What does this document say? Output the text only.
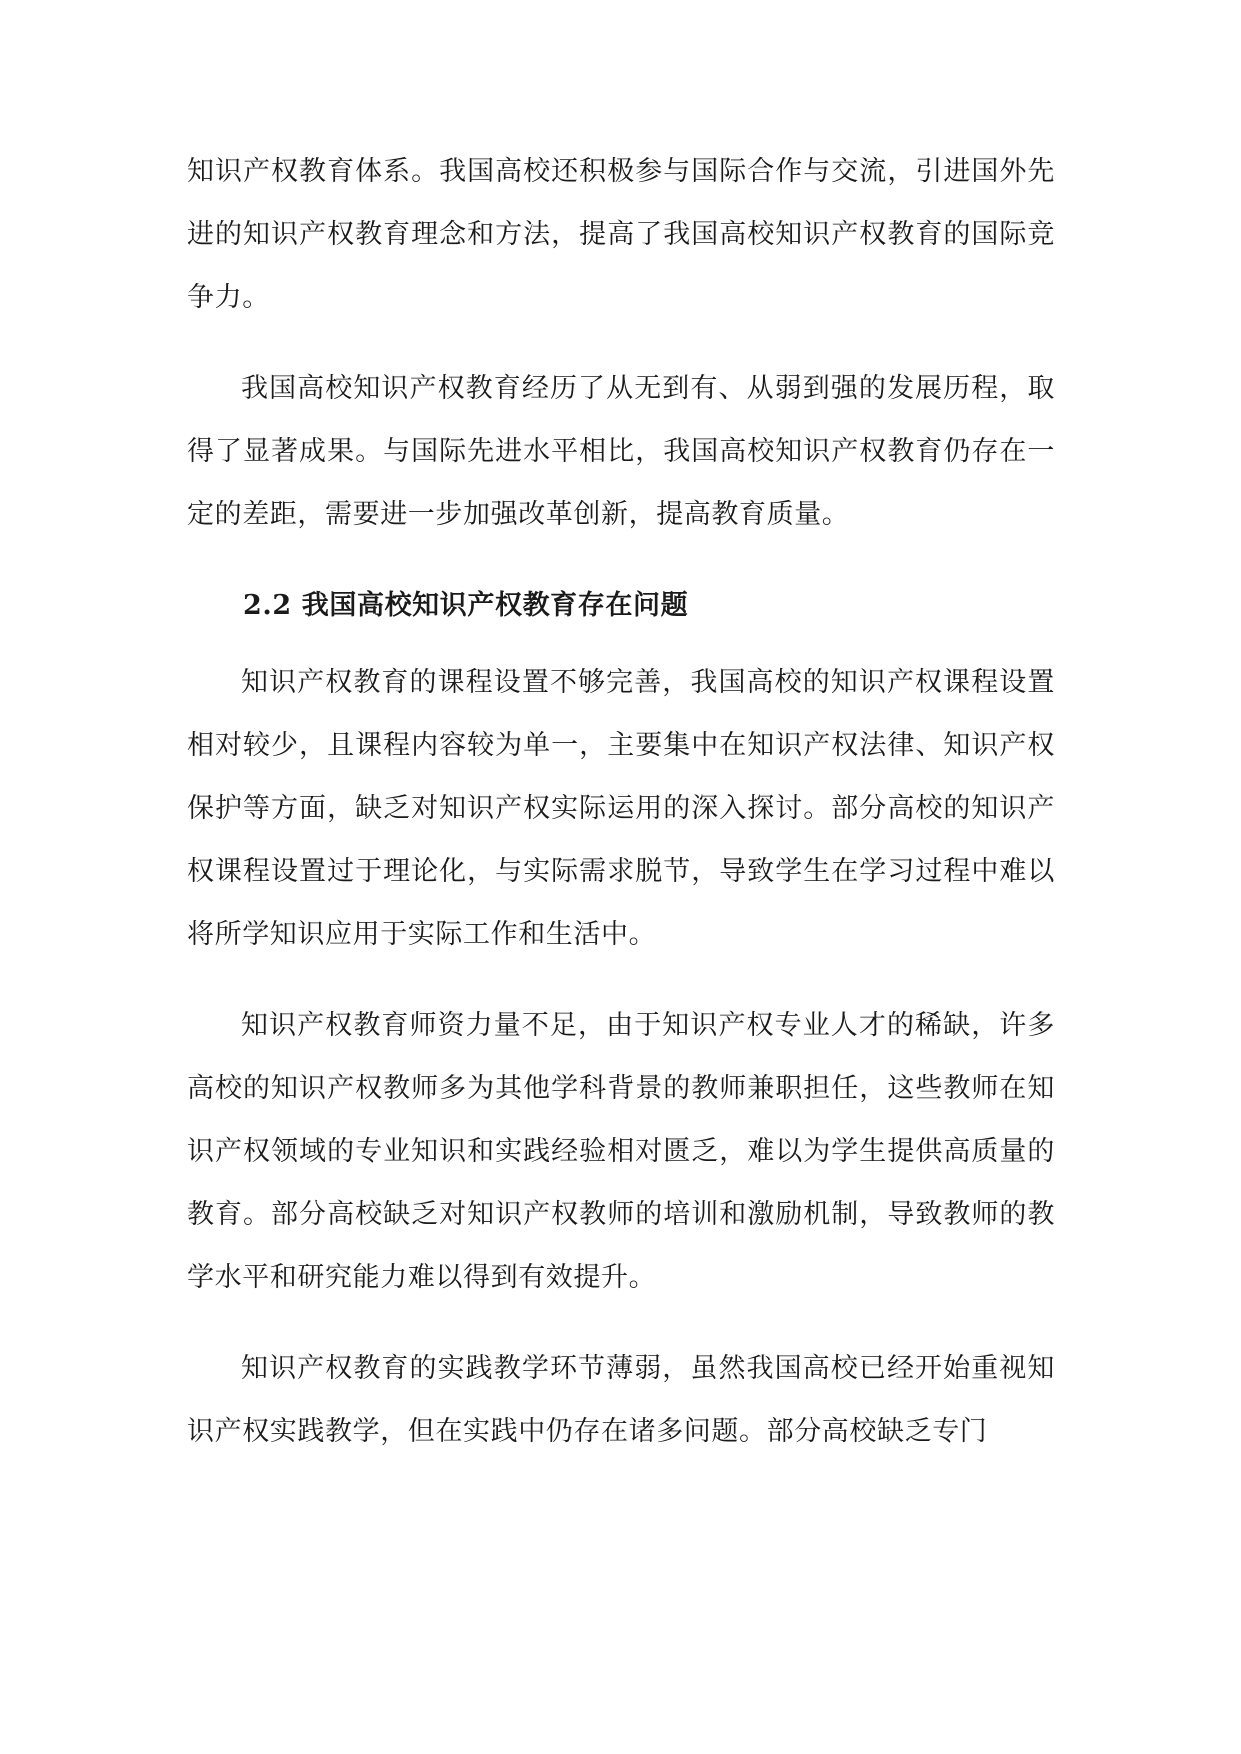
知识产权教育体系。我国高校还积极参与国际合作与交流，引进国外先进的知识产权教育理念和方法，提高了我国高校知识产权教育的国际竞争力。

我国高校知识产权教育经历了从无到有、从弱到强的发展历程，取得了显著成果。与国际先进水平相比，我国高校知识产权教育仍存在一定的差距，需要进一步加强改革创新，提高教育质量。

2.2 我国高校知识产权教育存在问题

知识产权教育的课程设置不够完善，我国高校的知识产权课程设置相对较少，且课程内容较为单一，主要集中在知识产权法律、知识产权保护等方面，缺乏对知识产权实际运用的深入探讨。部分高校的知识产权课程设置过于理论化，与实际需求脱节，导致学生在学习过程中难以将所学知识应用于实际工作和生活中。

知识产权教育师资力量不足，由于知识产权专业人才的稀缺，许多高校的知识产权教师多为其他学科背景的教师兼职担任，这些教师在知识产权领域的专业知识和实践经验相对匮乏，难以为学生提供高质量的教育。部分高校缺乏对知识产权教师的培训和激励机制，导致教师的教学水平和研究能力难以得到有效提升。

知识产权教育的实践教学环节薄弱，虽然我国高校已经开始重视知识产权实践教学，但在实践中仍存在诸多问题。部分高校缺乏专门
